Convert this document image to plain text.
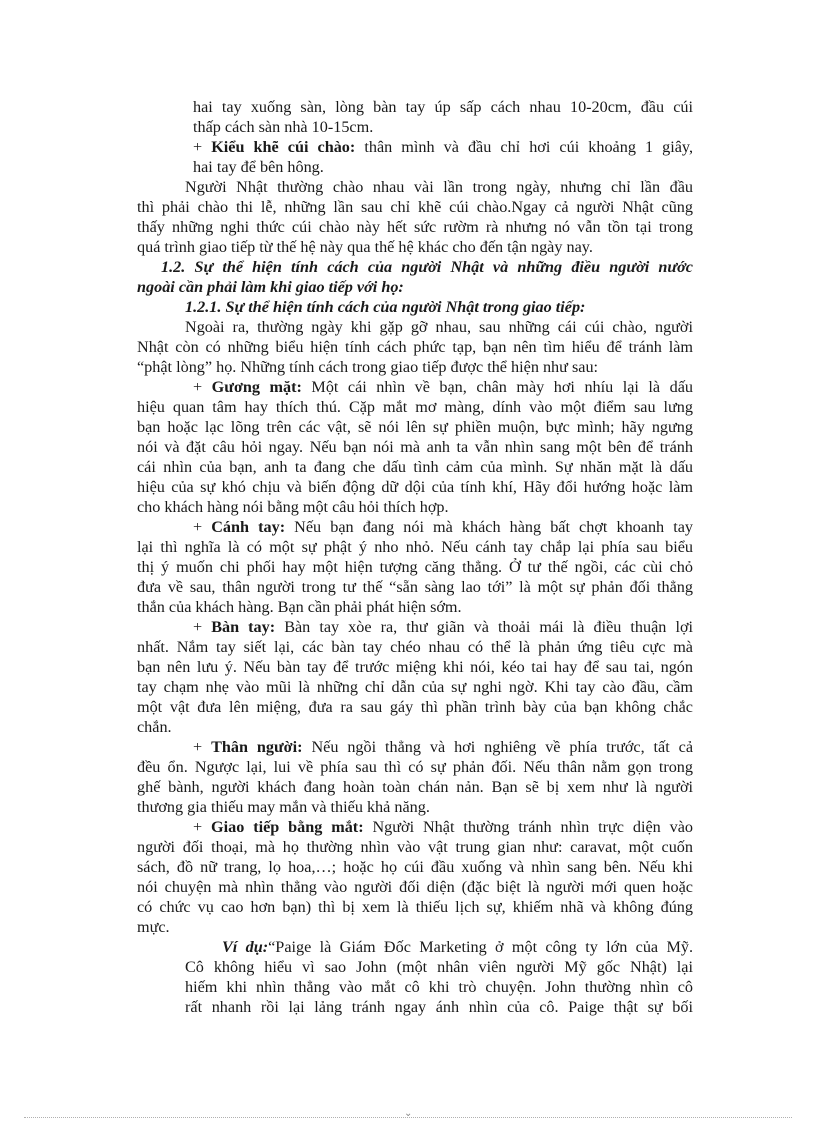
hai tay xuống sàn, lòng bàn tay úp sấp cách nhau 10-20cm, đầu cúi
thấp cách sàn nhà 10-15cm.
+ Kiểu khẽ cúi chào: thân mình và đầu chỉ hơi cúi khoảng 1 giây,
hai tay để bên hông.
Người Nhật thường chào nhau vài lần trong ngày, nhưng chỉ lần đầu
thì phải chào thi lễ, những lần sau chỉ khẽ cúi chào.Ngay cả người Nhật cũng
thấy những nghi thức cúi chào này hết sức rườm rà nhưng nó vẫn tồn tại trong
quá trình giao tiếp từ thế hệ này qua thế hệ khác cho đến tận ngày nay.
1.2. Sự thể hiện tính cách của người Nhật và những điều người nước
ngoài cần phải làm khi giao tiếp với họ:
1.2.1. Sự thể hiện tính cách của người Nhật trong giao tiếp:
Ngoài ra, thường ngày khi gặp gỡ nhau, sau những cái cúi chào, người
Nhật còn có những biểu hiện tính cách phức tạp, bạn nên tìm hiểu để tránh làm
“phật lòng” họ. Những tính cách trong giao tiếp được thể hiện như sau:
+ Gương mặt: Một cái nhìn về bạn, chân mày hơi nhíu lại là dấu
hiệu quan tâm hay thích thú. Cặp mắt mơ màng, dính vào một điểm sau lưng
bạn hoặc lạc lõng trên các vật, sẽ nói lên sự phiền muộn, bực mình; hãy ngưng
nói và đặt câu hỏi ngay. Nếu bạn nói mà anh ta vẫn nhìn sang một bên để tránh
cái nhìn của bạn, anh ta đang che dấu tình cảm của mình. Sự nhăn mặt là dấu
hiệu của sự khó chịu và biến động dữ dội của tính khí, Hãy đổi hướng hoặc làm
cho khách hàng nói bằng một câu hỏi thích hợp.
+ Cánh tay: Nếu bạn đang nói mà khách hàng bất chợt khoanh tay
lại thì nghĩa là có một sự phật ý nho nhỏ. Nếu cánh tay chắp lại phía sau biểu
thị ý muốn chi phối hay một hiện tượng căng thẳng. Ở tư thế ngồi, các cùi chỏ
đưa về sau, thân người trong tư thế “sẵn sàng lao tới” là một sự phản đối thẳng
thắn của khách hàng. Bạn cần phải phát hiện sớm.
+ Bàn tay: Bàn tay xòe ra, thư giãn và thoải mái là điều thuận lợi
nhất. Nắm tay siết lại, các bàn tay chéo nhau có thể là phản ứng tiêu cực mà
bạn nên lưu ý. Nếu bàn tay để trước miệng khi nói, kéo tai hay để sau tai, ngón
tay chạm nhẹ vào mũi là những chỉ dẫn của sự nghi ngờ. Khi tay cào đầu, cầm
một vật đưa lên miệng, đưa ra sau gáy thì phần trình bày của bạn không chắc
chắn.
+ Thân người: Nếu ngồi thẳng và hơi nghiêng về phía trước, tất cả
đều ổn. Ngược lại, lui về phía sau thì có sự phản đối. Nếu thân nằm gọn trong
ghế bành, người khách đang hoàn toàn chán nản. Bạn sẽ bị xem như là người
thương gia thiếu may mắn và thiếu khả năng.
+ Giao tiếp bằng mắt: Người Nhật thường tránh nhìn trực diện vào
người đối thoại, mà họ thường nhìn vào vật trung gian như: caravat, một cuốn
sách, đồ nữ trang, lọ hoa,…; hoặc họ cúi đầu xuống và nhìn sang bên. Nếu khi
nói chuyện mà nhìn thẳng vào người đối diện (đặc biệt là người mới quen hoặc
có chức vụ cao hơn bạn) thì bị xem là thiếu lịch sự, khiếm nhã và không đúng
mực.
Ví dụ:“Paige là Giám Đốc Marketing ở một công ty lớn của Mỹ.
Cô không hiểu vì sao John (một nhân viên người Mỹ gốc Nhật) lại
hiếm khi nhìn thẳng vào mắt cô khi trò chuyện. John thường nhìn cô
rất nhanh rồi lại lảng tránh ngay ánh nhìn của cô. Paige thật sự bối
⌄
